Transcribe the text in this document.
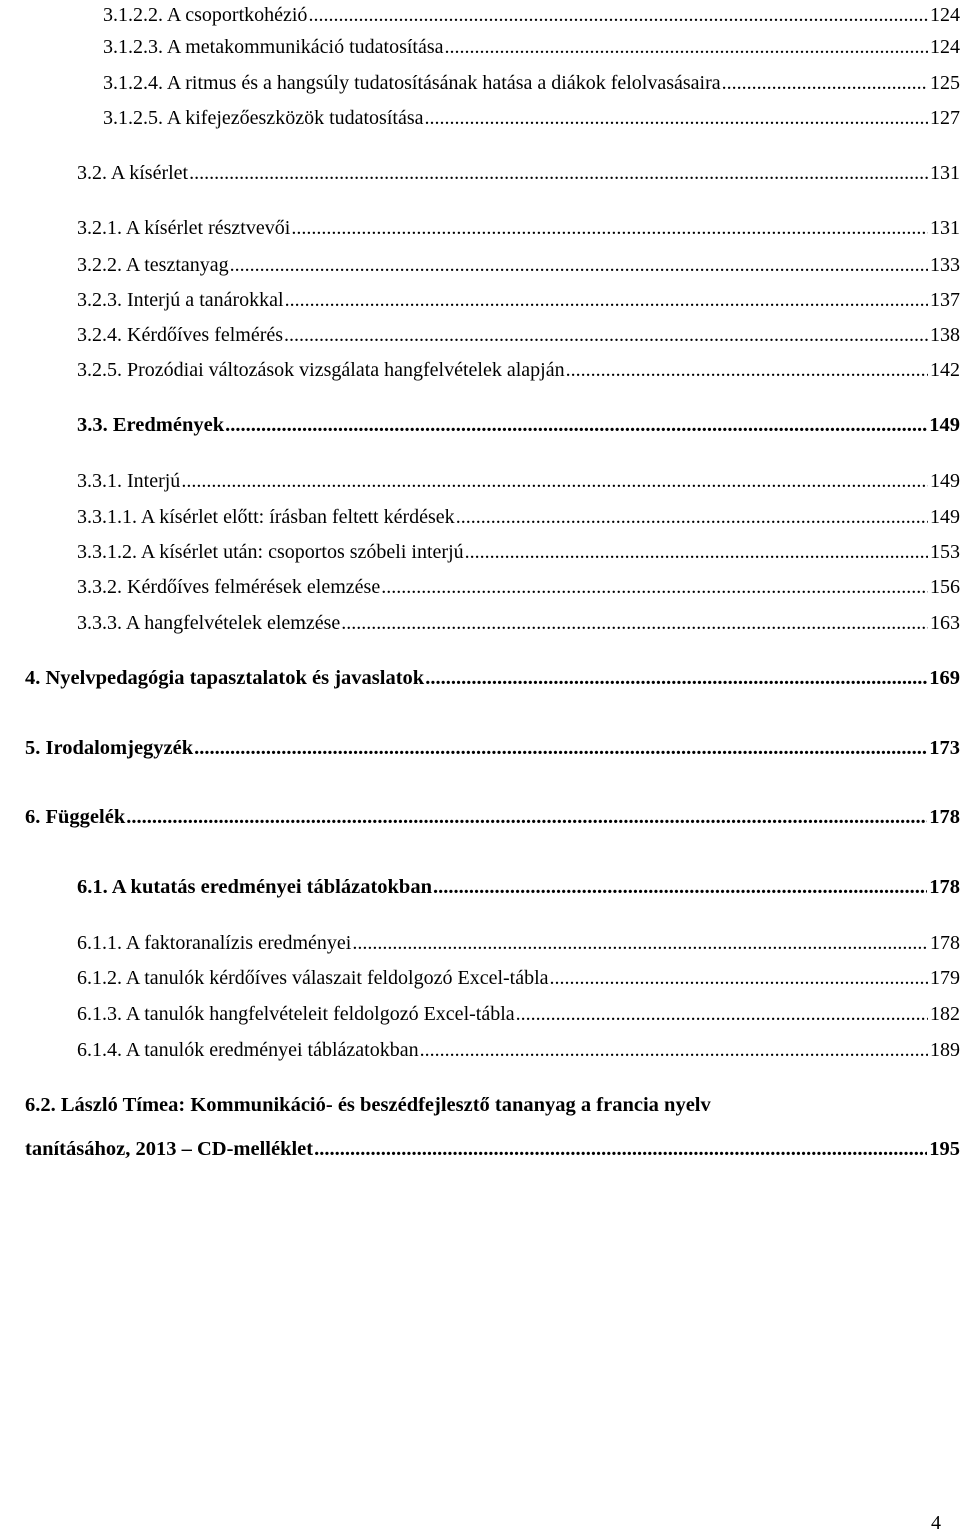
3.1.2.2. A csoportkohézió .....	124
3.1.2.3. A metakommunikáció tudatosítása .....	124
3.1.2.4. A ritmus és a hangsúly tudatosításának hatása a diákok felolvasásaira .....	125
3.1.2.5. A kifejezőeszközök tudatosítása .....	127
3.2. A kísérlet .....	131
3.2.1. A kísérlet résztvevői .....	131
3.2.2. A tesztanyag .....	133
3.2.3. Interjú a tanárokkal .....	137
3.2.4. Kérdőíves felmérés .....	138
3.2.5. Prozódiai változások vizsgálata hangfelvételek alapján .....	142
3.3. Eredmények .....	149
3.3.1. Interjú .....	149
3.3.1.1. A kísérlet előtt: írásban feltett kérdések .....	149
3.3.1.2. A kísérlet után: csoportos szóbeli interjú .....	153
3.3.2. Kérdőíves felmérések elemzése .....	156
3.3.3. A hangfelvételek elemzése .....	163
4. Nyelvpedagógia tapasztalatok és javaslatok .....	169
5. Irodalomjegyzék .....	173
6. Függelék .....	178
6.1. A kutatás eredményei táblázatokban .....	178
6.1.1. A faktoranalízis eredményei .....	178
6.1.2. A tanulók kérdőíves válaszait feldolgozó Excel-tábla .....	179
6.1.3. A tanulók hangfelvételeit feldolgozó Excel-tábla .....	182
6.1.4. A tanulók eredményei táblázatokban .....	189
6.2. László Tímea: Kommunikáció- és beszédfejlesztő tananyag a francia nyelv
tanításához, 2013 – CD-melléklet .....	195
4
